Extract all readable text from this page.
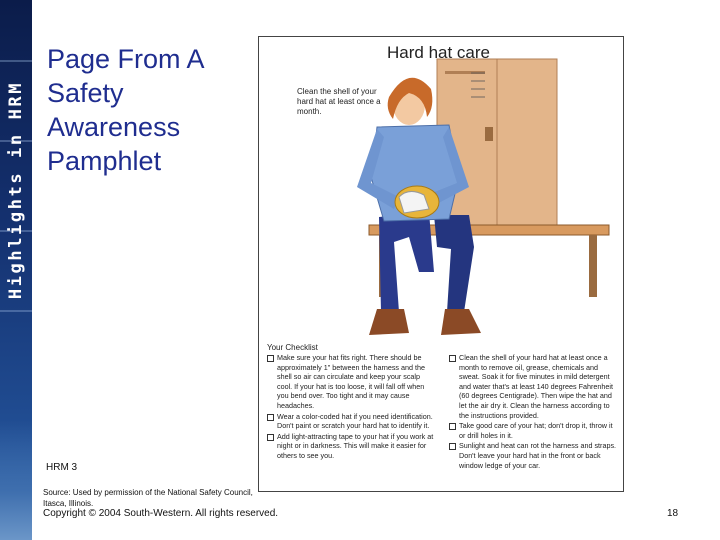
Highlights in HRM
Page From A Safety Awareness Pamphlet
Hard hat care
Clean the shell of your hard hat at least once a month.
Your Checklist
Make sure your hat fits right. There should be approximately 1" between the harness and the shell so air can circulate and keep your scalp cool. If your hat is too loose, it will fall off when you bend over. Too tight and it may cause headaches.
Wear a color-coded hat if you need identification. Don't paint or scratch your hard hat to identify it.
Add light-attracting tape to your hat if you work at night or in darkness. This will make it easier for others to see you.
Clean the shell of your hard hat at least once a month to remove oil, grease, chemicals and sweat. Soak it for five minutes in mild detergent and water that's at least 140 degrees Fahrenheit (60 degrees Centigrade). Then wipe the hat and let the air dry it. Clean the harness according to the instructions provided.
Take good care of your hat; don't drop it, throw it or drill holes in it.
Sunlight and heat can rot the harness and straps. Don't leave your hard hat in the front or back window ledge of your car.
HRM 3
Source: Used by permission of the National Safety Council, Itasca, Illinois.
Copyright © 2004 South-Western. All rights reserved.	18
